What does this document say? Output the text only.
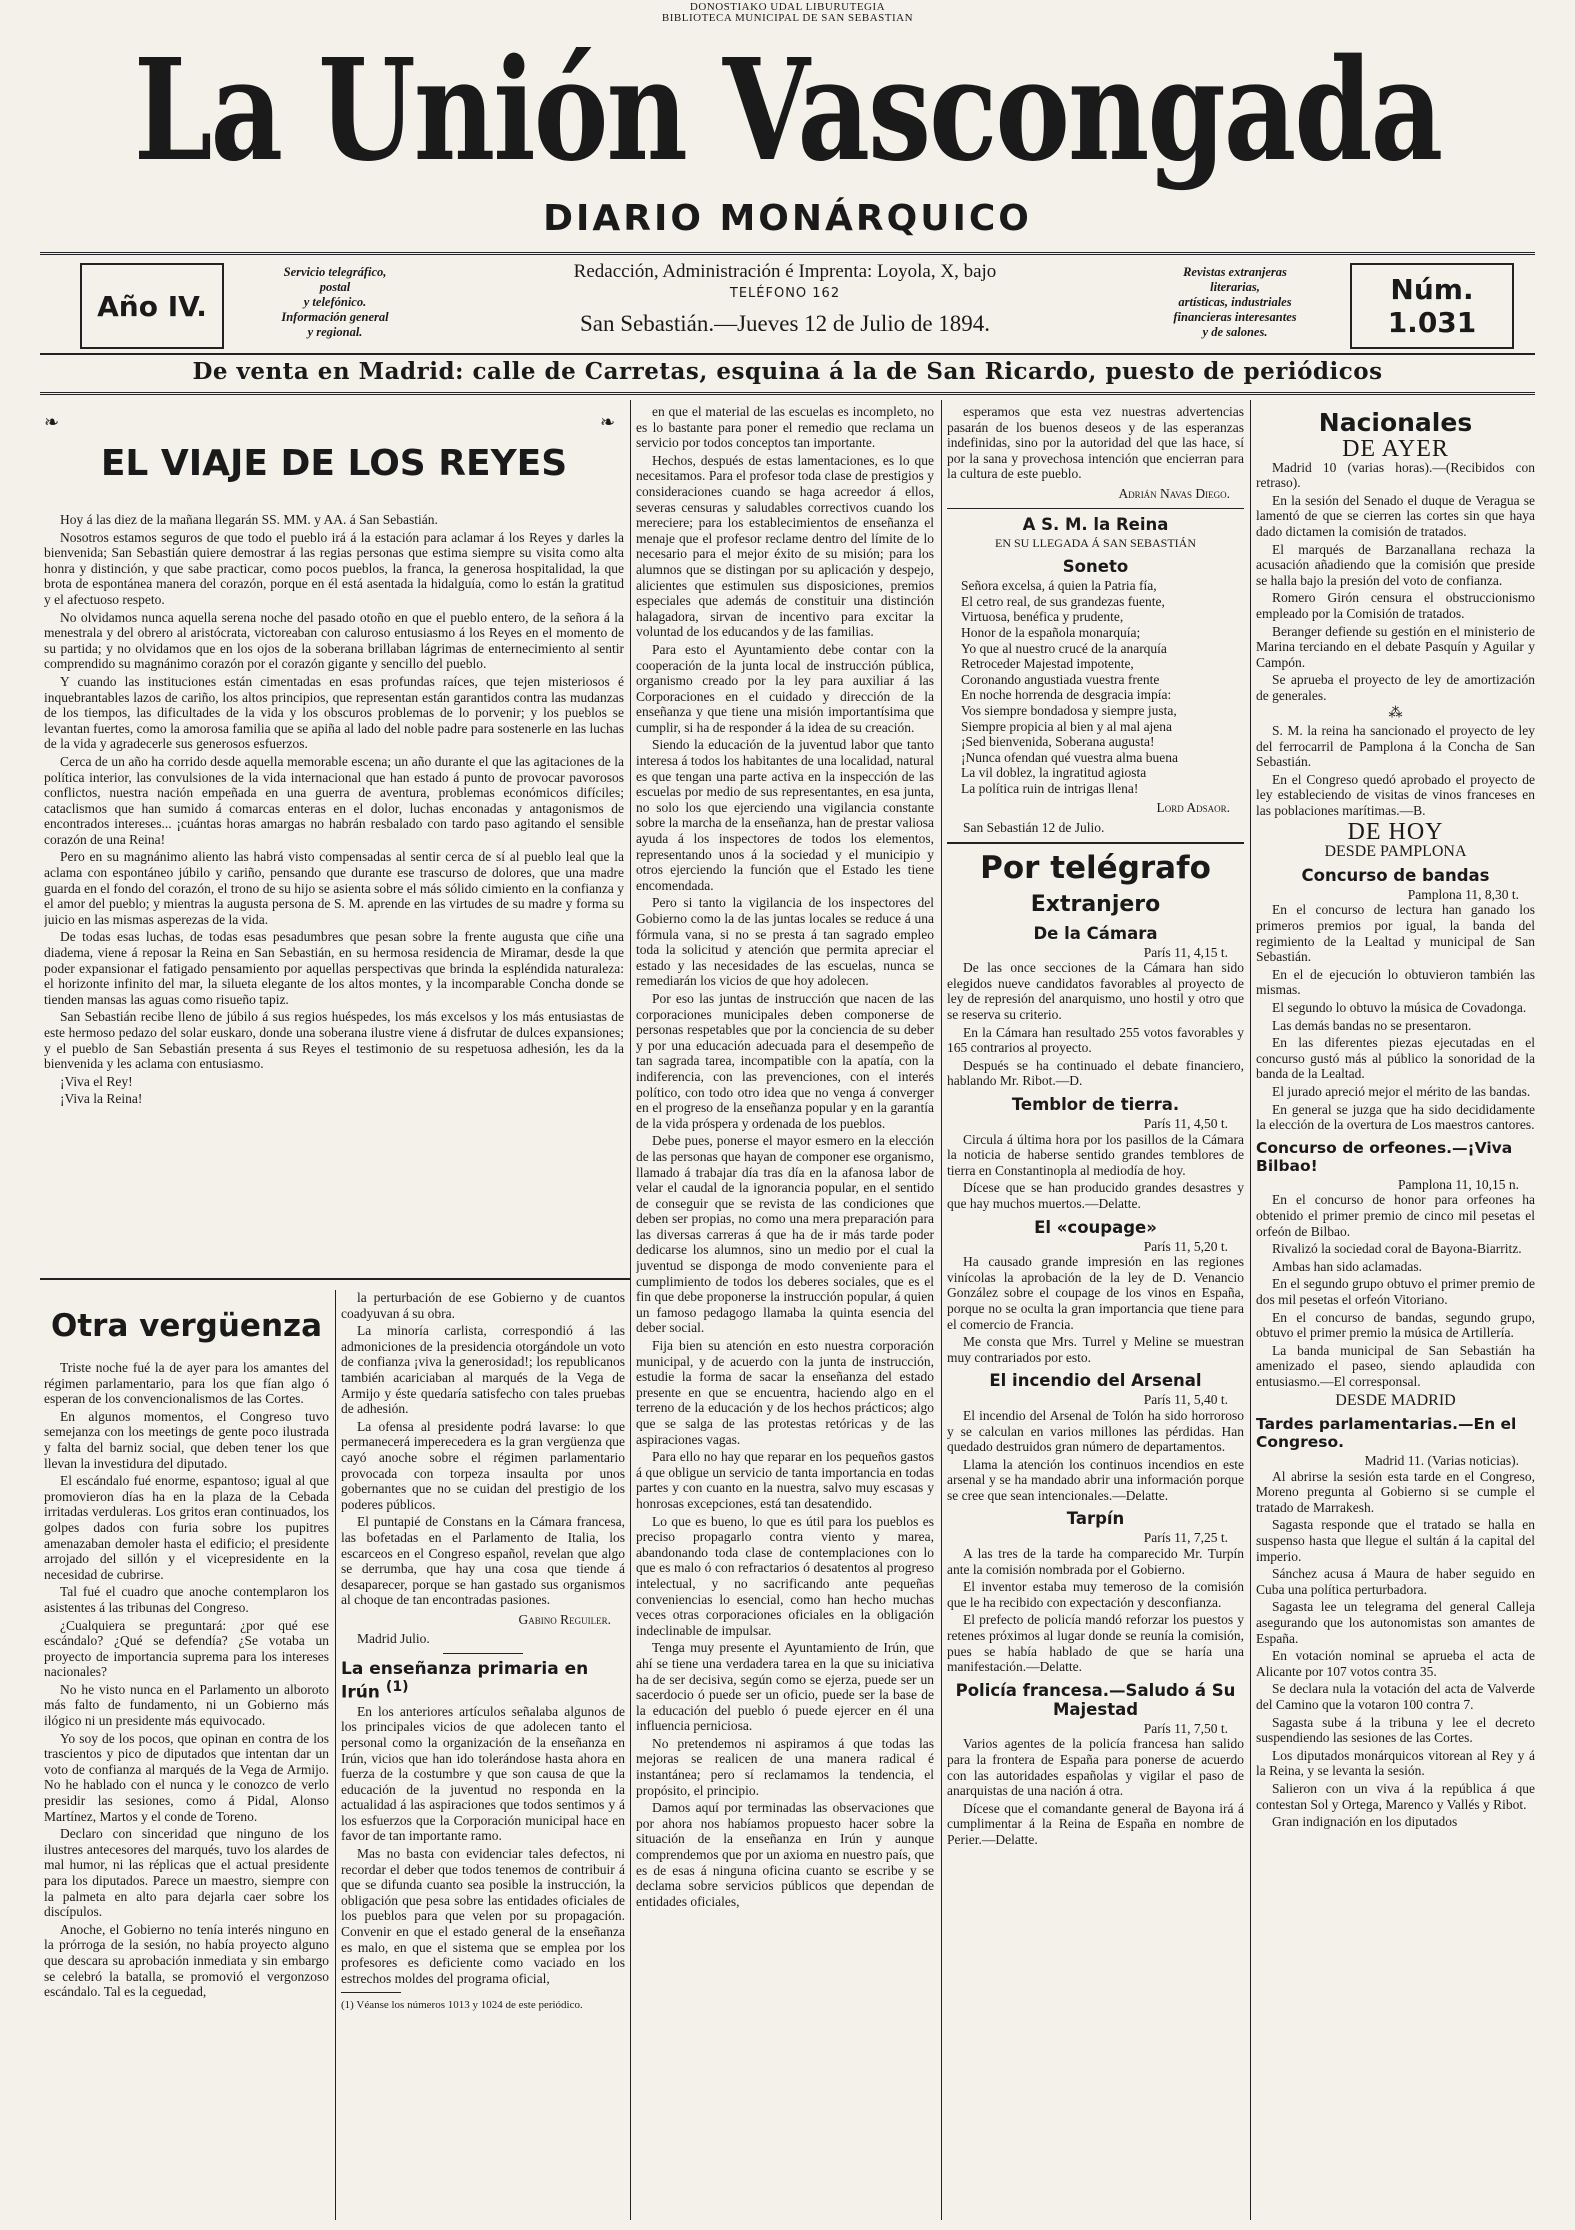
DONOSTIAKO UDAL LIBURUTEGIA
BIBLIOTECA MUNICIPAL DE SAN SEBASTIAN
La Unión Vascongada
DIARIO MONÁRQUICO
Año IV.
Servicio telegráfico,
postal
y telefónico.
Información general
y regional.
Redacción, Administración é Imprenta: Loyola, X, bajo
TELÉFONO 162
San Sebastián.—Jueves 12 de Julio de 1894.
Revistas extranjeras
literarias,
artísticas, industriales
financieras interesantes
y de salones.
Núm. 1.031
De venta en Madrid: calle de Carretas, esquina á la de San Ricardo, puesto de periódicos
EL VIAJE DE LOS REYES

Hoy á las diez de la mañana llegarán SS. MM. y AA. á San Sebastián.

Nosotros estamos seguros de que todo el pueblo irá á la estación para aclamar á los Reyes y darles la bienvenida; San Sebastián quiere demostrar á las regias personas que estima siempre su visita como alta honra y distinción, y que sabe practicar, como pocos pueblos, la franca, la generosa hospitalidad, la que brota de espontánea manera del corazón, porque en él está asentada la hidalguía, como lo están la gratitud y el afectuoso respeto.

No olvidamos nunca aquella serena noche del pasado otoño en que el pueblo entero, de la señora á la menestrala y del obrero al aristócrata, victoreaban con caluroso entusiasmo á los Reyes en el momento de su partida; y no olvidamos que en los ojos de la soberana brillaban lágrimas de enternecimiento al sentir comprendido su magnánimo corazón por el corazón gigante y sencillo del pueblo.

Y cuando las instituciones están cimentadas en esas profundas raíces, que tejen misteriosos é inquebrantables lazos de cariño, los altos principios, que representan están garantidos contra las mudanzas de los tiempos, las dificultades de la vida y los obscuros problemas de lo porvenir; y los pueblos se levantan fuertes, como la amorosa familia que se apiña al lado del noble padre para sostenerle en las luchas de la vida y agradecerle sus generosos esfuerzos.

Cerca de un año ha corrido desde aquella memorable escena; un año durante el que las agitaciones de la política interior, las convulsiones de la vida internacional que han estado á punto de provocar pavorosos conflictos, nuestra nación empeñada en una guerra de aventura, problemas económicos difíciles; cataclismos que han sumido á comarcas enteras en el dolor, luchas enconadas y antagonismos de encontrados intereses... ¡cuántas horas amargas no habrán resbalado con tardo paso agitando el sensible corazón de una Reina!

Pero en su magnánimo aliento las habrá visto compensadas al sentir cerca de sí al pueblo leal que la aclama con espontáneo júbilo y cariño, pensando que durante ese trascurso de dolores, que una madre guarda en el fondo del corazón, el trono de su hijo se asienta sobre el más sólido cimiento en la confianza y el amor del pueblo; y mientras la augusta persona de S. M. aprende en las virtudes de su madre y forma su juicio en las mismas asperezas de la vida.

De todas esas luchas, de todas esas pesadumbres que pesan sobre la frente augusta que ciñe una diadema, viene á reposar la Reina en San Sebastián, en su hermosa residencia de Miramar, desde la que poder expansionar el fatigado pensamiento por aquellas perspectivas que brinda la espléndida naturaleza: el horizonte infinito del mar, la silueta elegante de los altos montes, y la incomparable Concha donde se tienden mansas las aguas como risueño tapiz.

San Sebastián recibe lleno de júbilo á sus regios huéspedes, los más excelsos y los más entusiastas de este hermoso pedazo del solar euskaro, donde una soberana ilustre viene á disfrutar de dulces expansiones; y el pueblo de San Sebastián presenta á sus Reyes el testimonio de su respetuosa adhesión, les da la bienvenida y les aclama con entusiasmo.

¡Viva el Rey!

¡Viva la Reina!

❧	❧
Otra vergüenza

Triste noche fué la de ayer para los amantes del régimen parlamentario, para los que fían algo ó esperan de los convencionalismos de las Cortes.

En algunos momentos, el Congreso tuvo semejanza con los meetings de gente poco ilustrada y falta del barniz social, que deben tener los que llevan la investidura del diputado.

El escándalo fué enorme, espantoso; igual al que promovieron días ha en la plaza de la Cebada irritadas verduleras. Los gritos eran continuados, los golpes dados con furia sobre los pupitres amenazaban demoler hasta el edificio; el presidente arrojado del sillón y el vicepresidente en la necesidad de cubrirse.

Tal fué el cuadro que anoche contemplaron los asistentes á las tribunas del Congreso.

¿Cualquiera se preguntará: ¿por qué ese escándalo? ¿Qué se defendía? ¿Se votaba un proyecto de importancia suprema para los intereses nacionales?

No he visto nunca en el Parlamento un alboroto más falto de fundamento, ni un Gobierno más ilógico ni un presidente más equivocado.

Yo soy de los pocos, que opinan en contra de los trascientos y pico de diputados que intentan dar un voto de confianza al marqués de la Vega de Armijo. No he hablado con el nunca y le conozco de verlo presidir las sesiones, como á Pidal, Alonso Martínez, Martos y el conde de Toreno.

Declaro con sinceridad que ninguno de los ilustres antecesores del marqués, tuvo los alardes de mal humor, ni las réplicas que el actual presidente para los diputados. Parece un maestro, siempre con la palmeta en alto para dejarla caer sobre los discípulos.

Anoche, el Gobierno no tenía interés ninguno en la prórroga de la sesión, no había proyecto alguno que descara su aprobación inmediata y sin embargo se celebró la batalla, se promovió el vergonzoso escándalo. Tal es la ceguedad,

la perturbación de ese Gobierno y de cuantos coadyuvan á su obra.

La minoría carlista, correspondió á las admoniciones de la presidencia otorgándole un voto de confianza ¡viva la generosidad!; los republicanos también acariciaban al marqués de la Vega de Armijo y éste quedaría satisfecho con tales pruebas de adhesión.

La ofensa al presidente podrá lavarse: lo que permanecerá imperecedera es la gran vergüenza que cayó anoche sobre el régimen parlamentario provocada con torpeza insaulta por unos gobernantes que no se cuidan del prestigio de los poderes públicos.

El puntapié de Constans en la Cámara francesa, las bofetadas en el Parlamento de Italia, los escarceos en el Congreso español, revelan que algo se derrumba, que hay una cosa que tiende á desaparecer, porque se han gastado sus organismos al choque de tan encontradas pasiones.

Gabino Reguiler.

Madrid Julio.

La enseñanza primaria en Irún $^{(1)}$

En los anteriores artículos señalaba algunos de los principales vicios de que adolecen tanto el personal como la organización de la enseñanza en Irún, vicios que han ido tolerándose hasta ahora en fuerza de la costumbre y que son causa de que la educación de la juventud no responda en la actualidad á las aspiraciones que todos sentimos y á los esfuerzos que la Corporación municipal hace en favor de tan importante ramo.

Mas no basta con evidenciar tales defectos, ni recordar el deber que todos tenemos de contribuir á que se difunda cuanto sea posible la instrucción, la obligación que pesa sobre las entidades oficiales de los pueblos para que velen por su propagación. Convenir en que el estado general de la enseñanza es malo, en que el sistema que se emplea por los profesores es deficiente como vaciado en los estrechos moldes del programa oficial,

(1) Véanse los números 1013 y 1024 de este periódico.

en que el material de las escuelas es incompleto, no es lo bastante para poner el remedio que reclama un servicio por todos conceptos tan importante.

Hechos, después de estas lamentaciones, es lo que necesitamos. Para el profesor toda clase de prestigios y consideraciones cuando se haga acreedor á ellos, severas censuras y saludables correctivos cuando los mereciere; para los establecimientos de enseñanza el menaje que el profesor reclame dentro del límite de lo necesario para el mejor éxito de su misión; para los alumnos que se distingan por su aplicación y despejo, alicientes que estimulen sus disposiciones, premios especiales que además de constituir una distinción halagadora, sirvan de incentivo para excitar la voluntad de los educandos y de las familias.

Para esto el Ayuntamiento debe contar con la cooperación de la junta local de instrucción pública, organismo creado por la ley para auxiliar á las Corporaciones en el cuidado y dirección de la enseñanza y que tiene una misión importantísima que cumplir, si ha de responder á la idea de su creación.

Siendo la educación de la juventud labor que tanto interesa á todos los habitantes de una localidad, natural es que tengan una parte activa en la inspección de las escuelas por medio de sus representantes, en esa junta, no solo los que ejerciendo una vigilancia constante sobre la marcha de la enseñanza, han de prestar valiosa ayuda á los inspectores de todos los elementos, representando unos á la sociedad y el municipio y otros ejerciendo la función que el Estado les tiene encomendada.

Pero si tanto la vigilancia de los inspectores del Gobierno como la de las juntas locales se reduce á una fórmula vana, si no se presta á tan sagrado empleo toda la solicitud y atención que permita apreciar el estado y las necesidades de las escuelas, nunca se remediarán los vicios de que hoy adolecen.

Por eso las juntas de instrucción que nacen de las corporaciones municipales deben componerse de personas respetables que por la conciencia de su deber y por una educación adecuada para el desempeño de tan sagrada tarea, incompatible con la apatía, con la indiferencia, con las prevenciones, con el interés político, con todo otro idea que no venga á converger en el progreso de la enseñanza popular y en la garantía de la vida próspera y ordenada de los pueblos.

Debe pues, ponerse el mayor esmero en la elección de las personas que hayan de componer ese organismo, llamado á trabajar día tras día en la afanosa labor de velar el caudal de la ignorancia popular, en el sentido de conseguir que se revista de las condiciones que deben ser propias, no como una mera preparación para las diversas carreras á que ha de ir más tarde poder dedicarse los alumnos, sino un medio por el cual la juventud se disponga de modo conveniente para el cumplimiento de todos los deberes sociales, que es el fin que debe proponerse la instrucción popular, á quien un famoso pedagogo llamaba la quinta esencia del deber social.

Fija bien su atención en esto nuestra corporación municipal, y de acuerdo con la junta de instrucción, estudie la forma de sacar la enseñanza del estado presente en que se encuentra, haciendo algo en el terreno de la educación y de los hechos prácticos; algo que se salga de las protestas retóricas y de las aspiraciones vagas.

Para ello no hay que reparar en los pequeños gastos á que obligue un servicio de tanta importancia en todas partes y con cuanto en la nuestra, salvo muy escasas y honrosas excepciones, está tan desatendido.

Lo que es bueno, lo que es útil para los pueblos es preciso propagarlo contra viento y marea, abandonando toda clase de contemplaciones con lo que es malo ó con refractarios ó desatentos al progreso intelectual, y no sacrificando ante pequeñas conveniencias lo esencial, como han hecho muchas veces otras corporaciones oficiales en la obligación indeclinable de impulsar.

Tenga muy presente el Ayuntamiento de Irún, que ahí se tiene una verdadera tarea en la que su iniciativa ha de ser decisiva, según como se ejerza, puede ser un sacerdocio ó puede ser un oficio, puede ser la base de la educación del pueblo ó puede ejercer en él una influencia perniciosa.

No pretendemos ni aspiramos á que todas las mejoras se realicen de una manera radical é instantánea; pero sí reclamamos la tendencia, el propósito, el principio.

Damos aquí por terminadas las observaciones que por ahora nos habíamos propuesto hacer sobre la situación de la enseñanza en Irún y aunque comprendemos que por un axioma en nuestro país, que es de esas á ninguna oficina cuanto se escribe y se declama sobre servicios públicos que dependan de entidades oficiales,

esperamos que esta vez nuestras advertencias pasarán de los buenos deseos y de las esperanzas indefinidas, sino por la autoridad del que las hace, sí por la sana y provechosa intención que encierran para la cultura de este pueblo.

Adrián Navas Diego.
A S. M. la Reina
EN SU LLEGADA Á SAN SEBASTIÁN
Soneto

Señora excelsa, á quien la Patria fía,

El cetro real, de sus grandezas fuente,

Virtuosa, benéfica y prudente,

Honor de la española monarquía;

Yo que al nuestro crucé de la anarquía

Retroceder Majestad impotente,

Coronando angustiada vuestra frente

En noche horrenda de desgracia impía:

Vos siempre bondadosa y siempre justa,

Siempre propicia al bien y al mal ajena

¡Sed bienvenida, Soberana augusta!

¡Nunca ofendan qué vuestra alma buena

La vil doblez, la ingratitud agiosta

La política ruin de intrigas llena!

Lord Adsaor.

San Sebastián 12 de Julio.

Por telégrafo
Extranjero
De la Cámara
París 11, 4,15 t.

De las once secciones de la Cámara han sido elegidos nueve candidatos favorables al proyecto de ley de represión del anarquismo, uno hostil y otro que se reserva su criterio.

En la Cámara han resultado 255 votos favorables y 165 contrarios al proyecto.

Después se ha continuado el debate financiero, hablando Mr. Ribot.—D.

Temblor de tierra.
París 11, 4,50 t.

Circula á última hora por los pasillos de la Cámara la noticia de haberse sentido grandes temblores de tierra en Constantinopla al mediodía de hoy.

Dícese que se han producido grandes desastres y que hay muchos muertos.—Delatte.

El «coupage»
París 11, 5,20 t.

Ha causado grande impresión en las regiones vinícolas la aprobación de la ley de D. Venancio González sobre el coupage de los vinos en España, porque no se oculta la gran importancia que tiene para el comercio de Francia.

Me consta que Mrs. Turrel y Meline se muestran muy contrariados por esto.

El incendio del Arsenal
París 11, 5,40 t.

El incendio del Arsenal de Tolón ha sido horroroso y se calculan en varios millones las pérdidas. Han quedado destruidos gran número de departamentos.

Llama la atención los continuos incendios en este arsenal y se ha mandado abrir una información porque se cree que sean intencionales.—Delatte.

Tarpín
París 11, 7,25 t.

A las tres de la tarde ha comparecido Mr. Turpín ante la comisión nombrada por el Gobierno.

El inventor estaba muy temeroso de la comisión que le ha recibido con expectación y desconfianza.

El prefecto de policía mandó reforzar los puestos y retenes próximos al lugar donde se reunía la comisión, pues se había hablado de que se haría una manifestación.—Delatte.

Policía francesa.—Saludo á Su Majestad
París 11, 7,50 t.

Varios agentes de la policía francesa han salido para la frontera de España para ponerse de acuerdo con las autoridades españolas y vigilar el paso de anarquistas de una nación á otra.

Dícese que el comandante general de Bayona irá á cumplimentar á la Reina de España en nombre de Perier.—Delatte.

Nacionales
DE AYER

Madrid 10 (varias horas).—(Recibidos con retraso).

En la sesión del Senado el duque de Veragua se lamentó de que se cierren las cortes sin que haya dado dictamen la comisión de tratados.

El marqués de Barzanallana rechaza la acusación añadiendo que la comisión que preside se halla bajo la presión del voto de confianza.

Romero Girón censura el obstruccionismo empleado por la Comisión de tratados.

Beranger defiende su gestión en el ministerio de Marina terciando en el debate Pasquín y Aguilar y Campón.

Se aprueba el proyecto de ley de amortización de generales.

⁂

S. M. la reina ha sancionado el proyecto de ley del ferrocarril de Pamplona á la Concha de San Sebastián.

En el Congreso quedó aprobado el proyecto de ley estableciendo de visitas de vinos franceses en las poblaciones marítimas.—B.

DE HOY
DESDE PAMPLONA
Concurso de bandas
Pamplona 11, 8,30 t.

En el concurso de lectura han ganado los primeros premios por igual, la banda del regimiento de la Lealtad y municipal de San Sebastián.

En el de ejecución lo obtuvieron también las mismas.

El segundo lo obtuvo la música de Covadonga.

Las demás bandas no se presentaron.

En las diferentes piezas ejecutadas en el concurso gustó más al público la sonoridad de la banda de la Lealtad.

El jurado apreció mejor el mérito de las bandas.

En general se juzga que ha sido decididamente la elección de la overtura de Los maestros cantores.

Concurso de orfeones.—¡Viva Bilbao!
Pamplona 11, 10,15 n.

En el concurso de honor para orfeones ha obtenido el primer premio de cinco mil pesetas el orfeón de Bilbao.

Rivalizó la sociedad coral de Bayona-Biarritz.

Ambas han sido aclamadas.

En el segundo grupo obtuvo el primer premio de dos mil pesetas el orfeón Vitoriano.

En el concurso de bandas, segundo grupo, obtuvo el primer premio la música de Artillería.

La banda municipal de San Sebastián ha amenizado el paseo, siendo aplaudida con entusiasmo.—El corresponsal.

DESDE MADRID
Tardes parlamentarias.—En el Congreso.
Madrid 11. (Varias noticias).

Al abrirse la sesión esta tarde en el Congreso, Moreno pregunta al Gobierno si se cumple el tratado de Marrakesh.

Sagasta responde que el tratado se halla en suspenso hasta que llegue el sultán á la capital del imperio.

Sánchez acusa á Maura de haber seguido en Cuba una política perturbadora.

Sagasta lee un telegrama del general Calleja asegurando que los autonomistas son amantes de España.

En votación nominal se aprueba el acta de Alicante por 107 votos contra 35.

Se declara nula la votación del acta de Valverde del Camino que la votaron 100 contra 7.

Sagasta sube á la tribuna y lee el decreto suspendiendo las sesiones de las Cortes.

Los diputados monárquicos vitorean al Rey y á la Reina, y se levanta la sesión.

Salieron con un viva á la república á que contestan Sol y Ortega, Marenco y Vallés y Ribot.

Gran indignación en los diputados
